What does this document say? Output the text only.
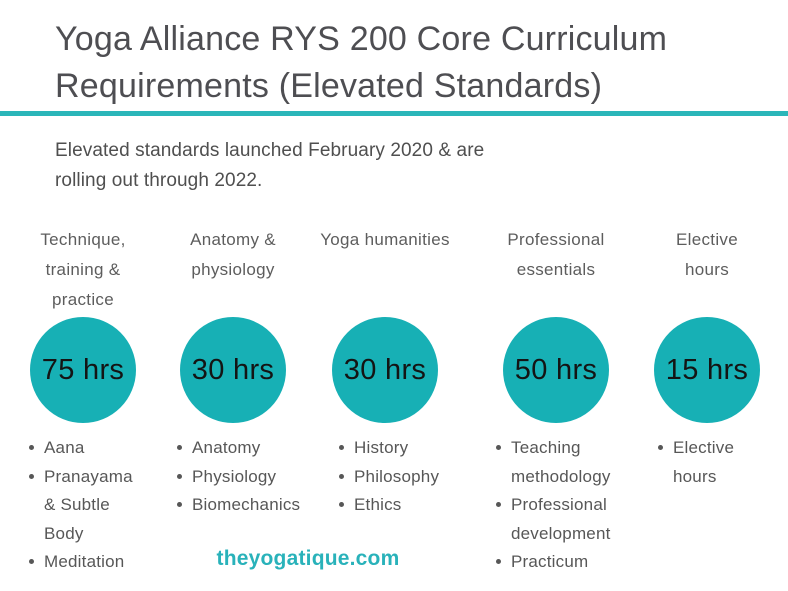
Yoga Alliance RYS 200 Core Curriculum Requirements (Elevated Standards)
Elevated standards launched February 2020 & are rolling out through 2022.
Technique, training & practice
75 hrs
Aana
Pranayama & Subtle Body
Meditation
Anatomy & physiology
30 hrs
Anatomy
Physiology
Biomechanics
Yoga humanities
30 hrs
History
Philosophy
Ethics
Professional essentials
50 hrs
Teaching methodology
Professional development
Practicum
Elective hours
15 hrs
Elective hours
theyogatique.com
